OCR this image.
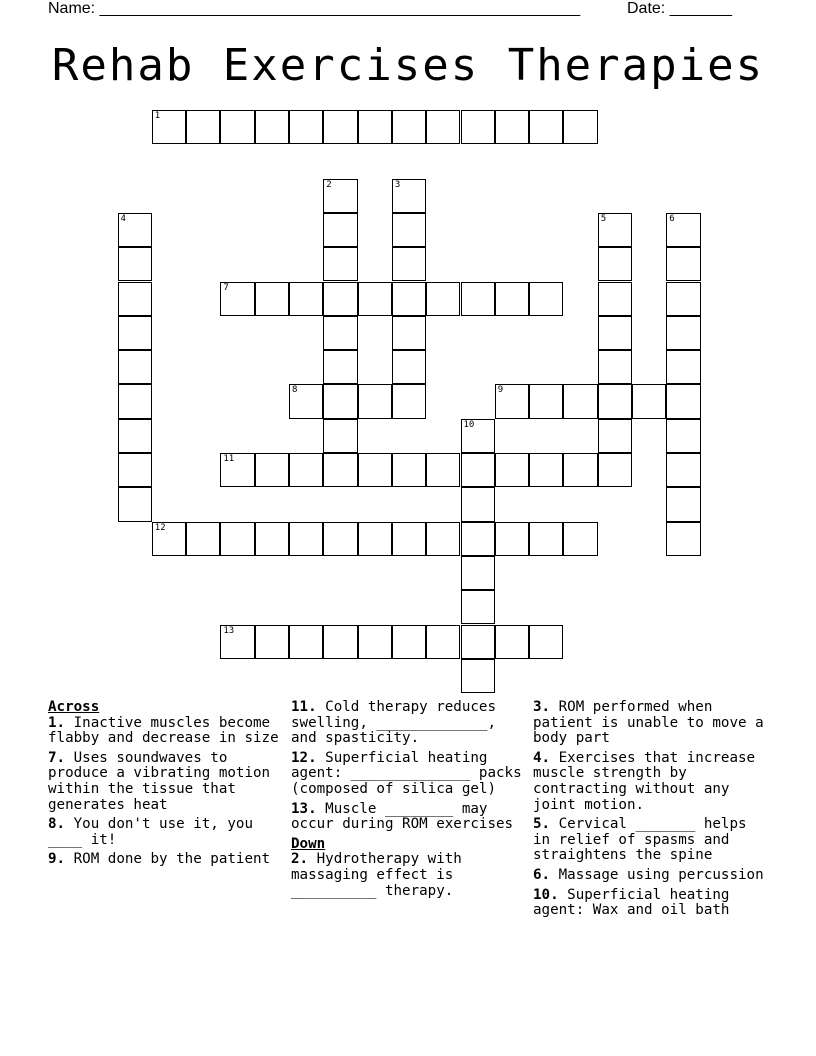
Name: ______________________________________________________	Date: _______
Rehab Exercises Therapies
1
2	3
4	5	6
7
8	9
10
11
12
13
Across
1. Inactive muscles become flabby and decrease in size
7. Uses soundwaves to produce a vibrating motion within the tissue that generates heat
8. You don't use it, you ____ it!
9. ROM done by the patient
11. Cold therapy reduces swelling, _____________, and spasticity.
12. Superficial heating agent: ______________ packs (composed of silica gel)
13. Muscle ________ may occur during ROM exercises
Down
2. Hydrotherapy with massaging effect is __________ therapy.
3. ROM performed when patient is unable to move a body part
4. Exercises that increase muscle strength by contracting without any joint motion.
5. Cervical _______ helps in relief of spasms and straightens the spine
6. Massage using percussion
10. Superficial heating agent: Wax and oil bath
